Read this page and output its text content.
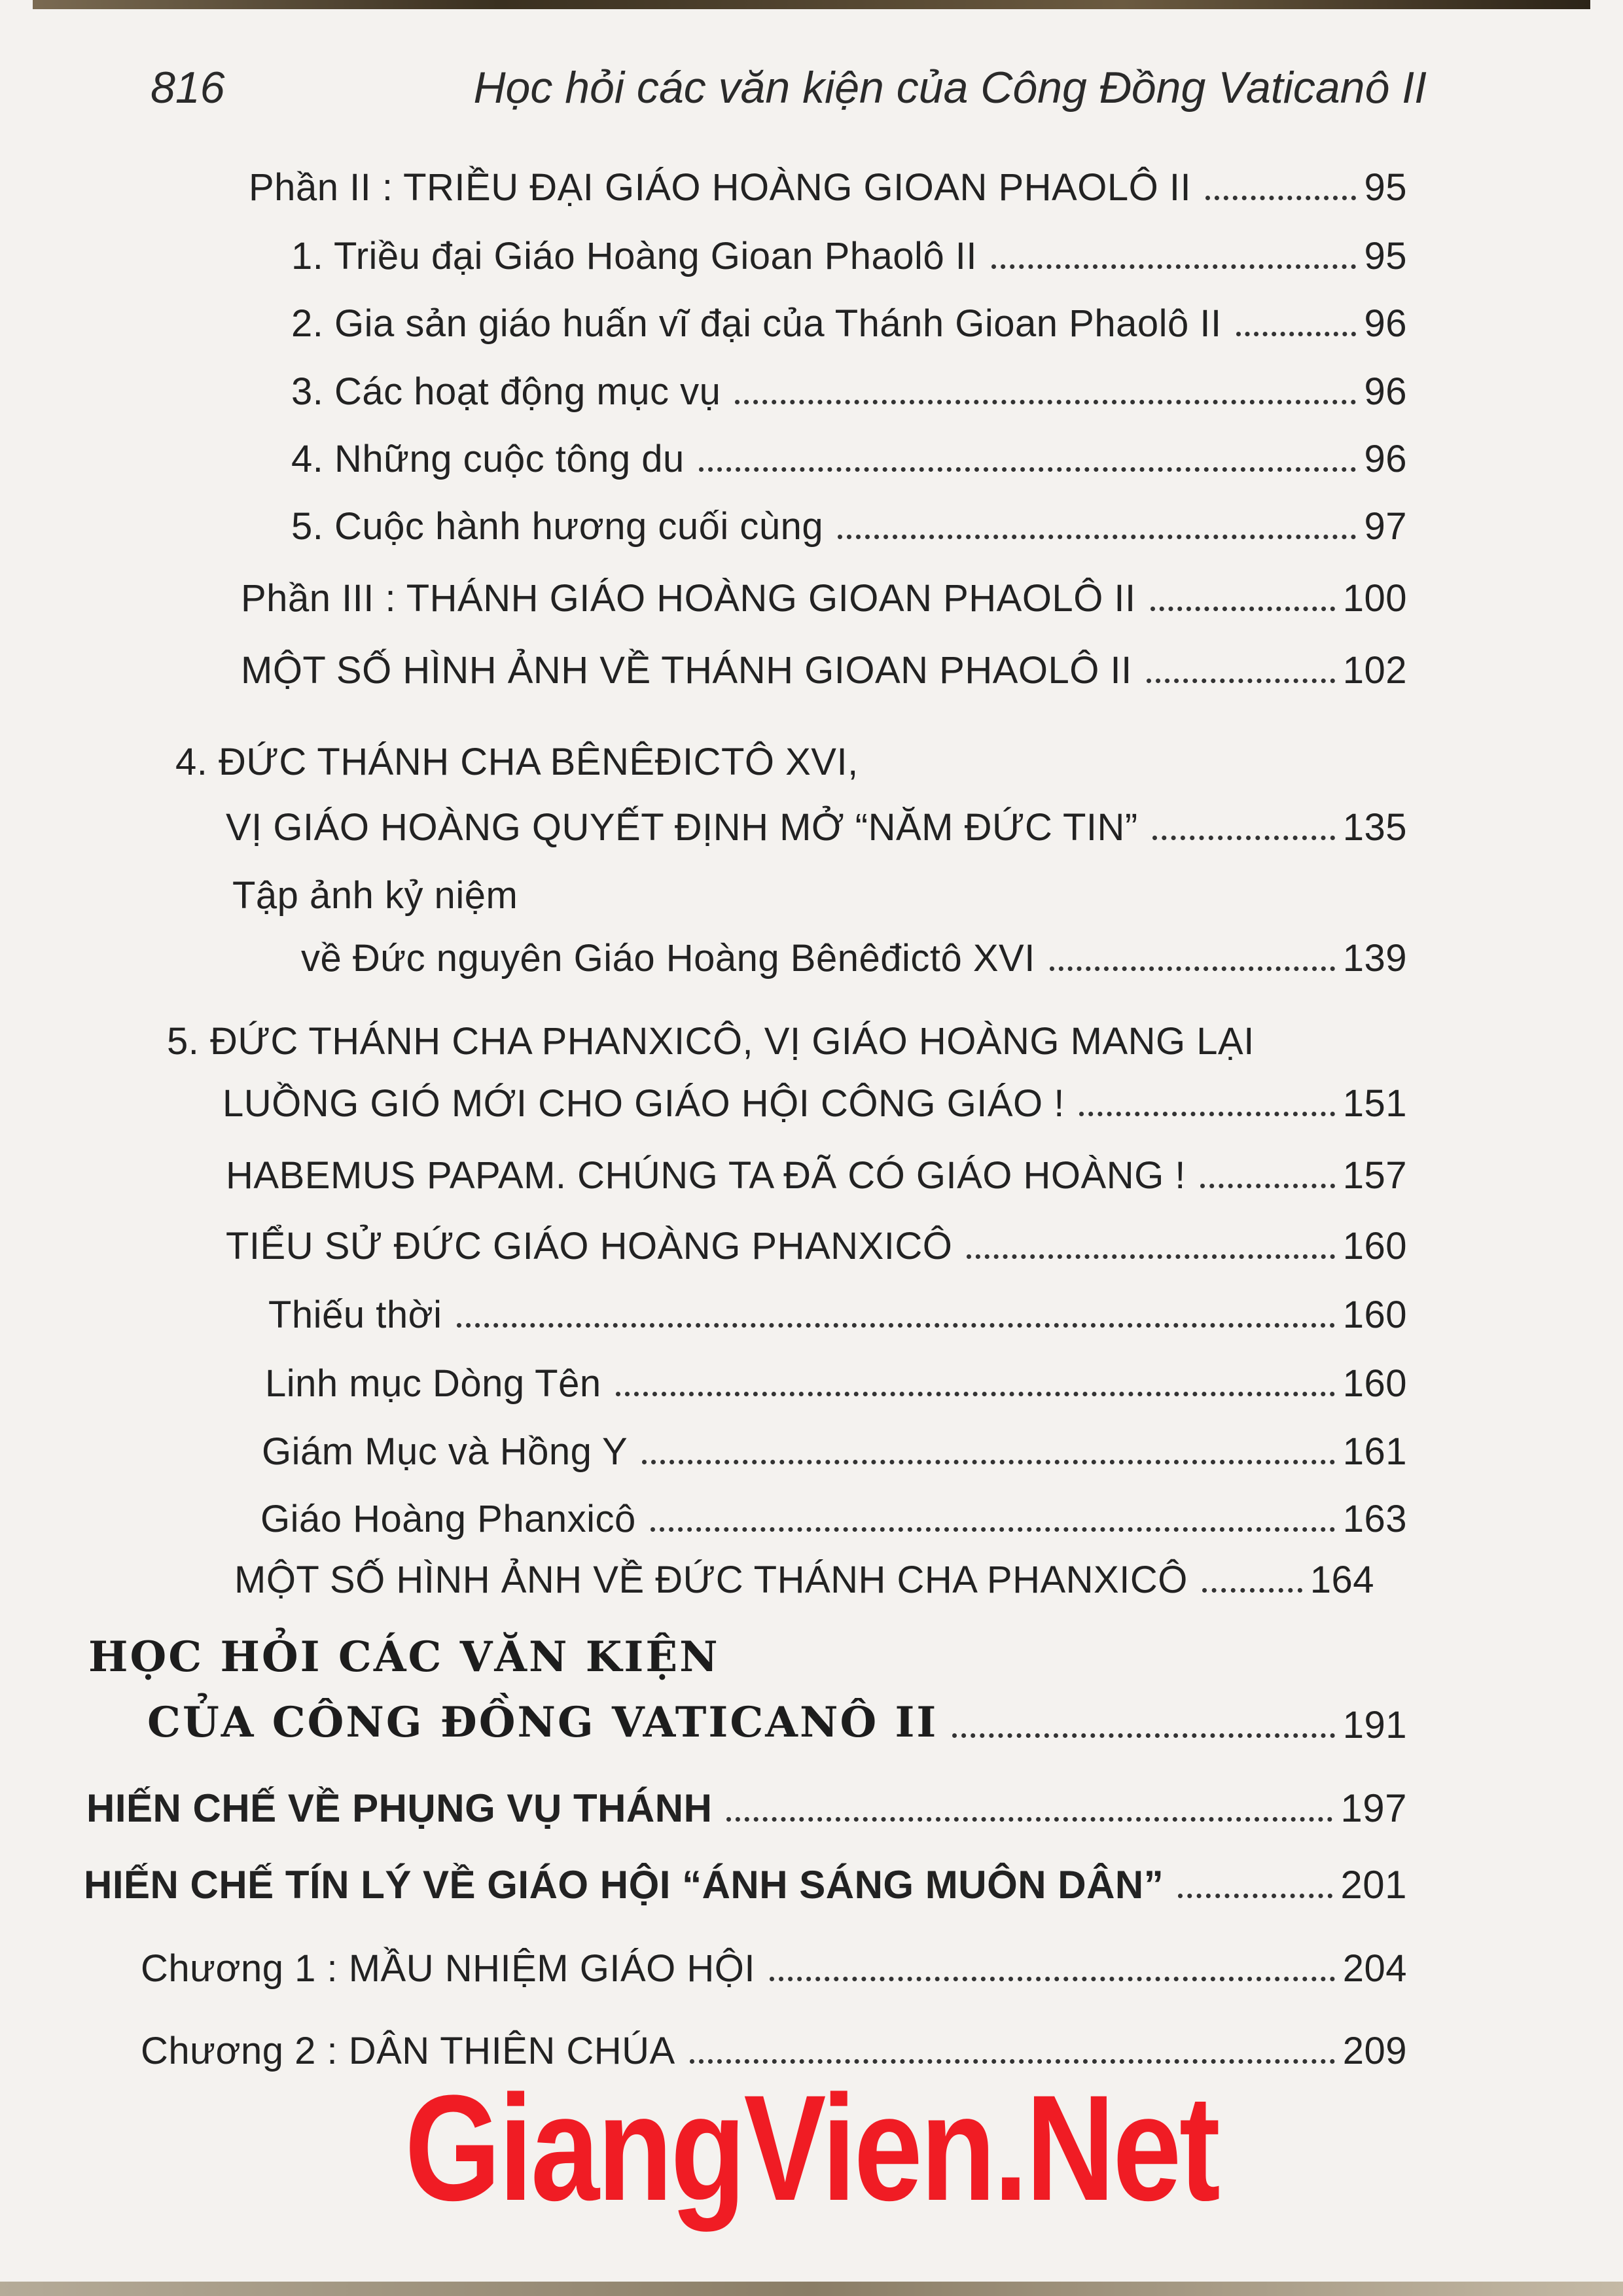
816	Học hỏi các văn kiện của Công Đồng Vaticanô II
Phần II : TRIỀU ĐẠI GIÁO HOÀNG GIOAN PHAOLÔ II	95
1. Triều đại Giáo Hoàng Gioan Phaolô II	95
2. Gia sản giáo huấn vĩ đại của Thánh Gioan Phaolô II	96
3. Các hoạt động mục vụ	96
4. Những cuộc tông du	96
5. Cuộc hành hương cuối cùng	97
Phần III : THÁNH GIÁO HOÀNG GIOAN PHAOLÔ II	100
MỘT SỐ HÌNH ẢNH VỀ THÁNH GIOAN PHAOLÔ II	102
4. ĐỨC THÁNH CHA BÊNÊĐICTÔ XVI,
VỊ GIÁO HOÀNG QUYẾT ĐỊNH MỞ “NĂM ĐỨC TIN”	135
Tập ảnh kỷ niệm
về Đức nguyên Giáo Hoàng Bênêđictô XVI	139
5. ĐỨC THÁNH CHA PHANXICÔ, VỊ GIÁO HOÀNG MANG LẠI
LUỒNG GIÓ MỚI CHO GIÁO HỘI CÔNG GIÁO !	151
HABEMUS PAPAM. CHÚNG TA ĐÃ CÓ GIÁO HOÀNG !	157
TIỂU SỬ ĐỨC GIÁO HOÀNG PHANXICÔ	160
Thiếu thời	160
Linh mục Dòng Tên	160
Giám Mục và Hồng Y	161
Giáo Hoàng Phanxicô	163
MỘT SỐ HÌNH ẢNH VỀ ĐỨC THÁNH CHA PHANXICÔ	164
HỌC HỎI CÁC VĂN KIỆN
CỦA CÔNG ĐỒNG VATICANÔ II	191
HIẾN CHẾ VỀ PHỤNG VỤ THÁNH	197
HIẾN CHẾ TÍN LÝ VỀ GIÁO HỘI “ÁNH SÁNG MUÔN DÂN”	201
Chương 1 : MẦU NHIỆM GIÁO HỘI	204
Chương 2 : DÂN THIÊN CHÚA	209
GiangVien.Net
